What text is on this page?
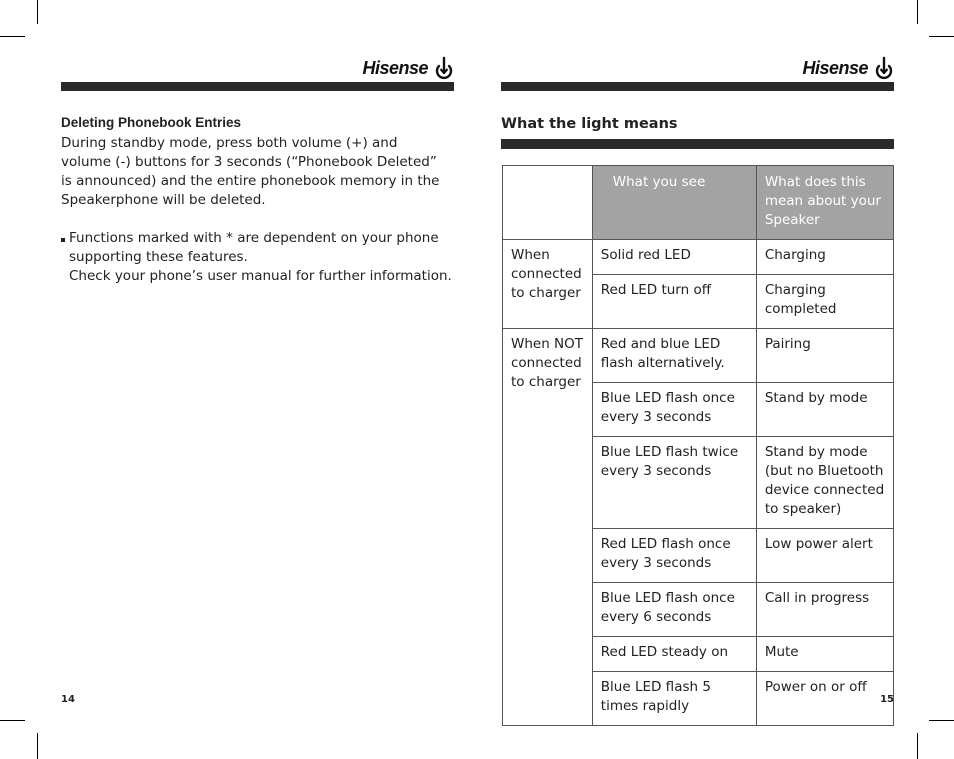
Hisense
Deleting Phonebook Entries
During standby mode, press both volume (+) and
volume (-) buttons for 3 seconds (“Phonebook Deleted”
is announced) and the entire phonebook memory in the
Speakerphone will be deleted.
Functions marked with * are dependent on your phone
supporting these features.
Check your phone’s user manual for further information.
14
Hisense
What the light means
	What you see	What does this mean about your Speaker
When connected to charger	Solid red LED	Charging
	Red LED turn off	Charging completed
When NOT connected to charger	Red and blue LED flash alternatively.	Pairing
	Blue LED flash once every 3 seconds	Stand by mode
	Blue LED flash twice every 3 seconds	Stand by mode (but no Bluetooth device connected to speaker)
	Red LED flash once every 3 seconds	Low power alert
	Blue LED flash once every 6 seconds	Call in progress
	Red LED steady on	Mute
	Blue LED flash 5 times rapidly	Power on or off
15
